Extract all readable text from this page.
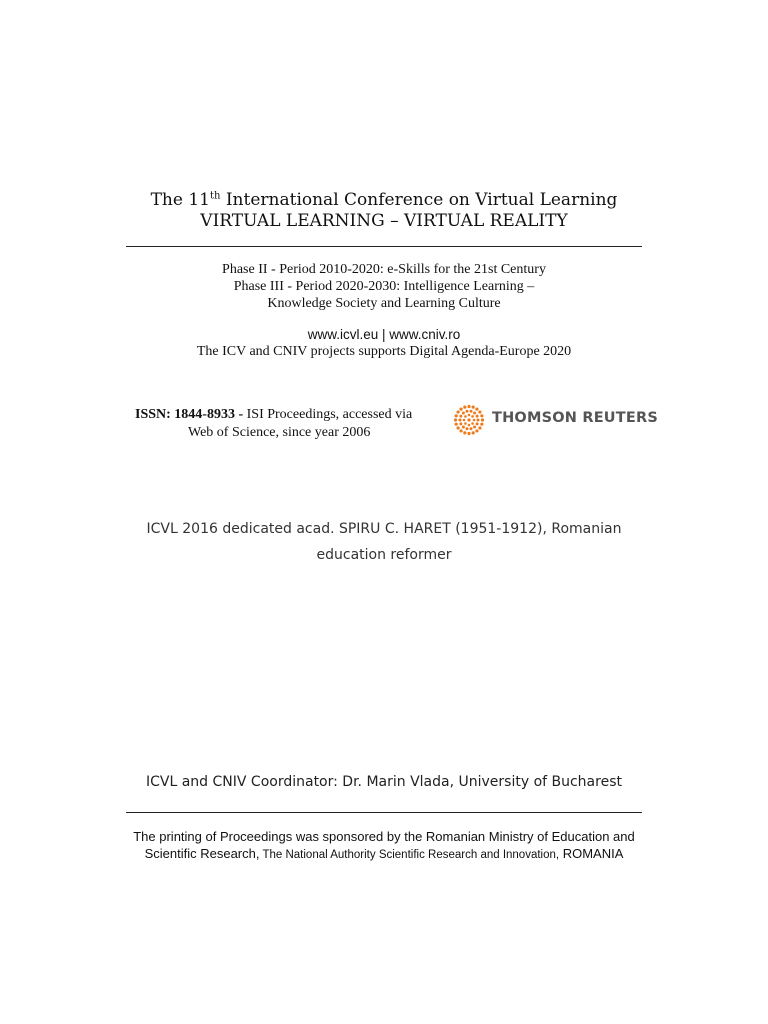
The 11th International Conference on Virtual Learning
VIRTUAL LEARNING – VIRTUAL REALITY
Phase II - Period 2010-2020: e-Skills for the 21st Century
Phase III - Period 2020-2030: Intelligence Learning –
Knowledge Society and Learning Culture
www.icvl.eu | www.cniv.ro
The ICV and CNIV projects supports Digital Agenda-Europe 2020
ISSN: 1844-8933 - ISI Proceedings, accessed via
Web of Science, since year 2006
THOMSON REUTERS
ICVL 2016 dedicated acad. SPIRU C. HARET (1951-1912), Romanian
education reformer
ICVL and CNIV Coordinator: Dr. Marin Vlada, University of Bucharest
The printing of Proceedings was sponsored by the Romanian Ministry of Education and
Scientific Research, The National Authority Scientific Research and Innovation, ROMANIA
